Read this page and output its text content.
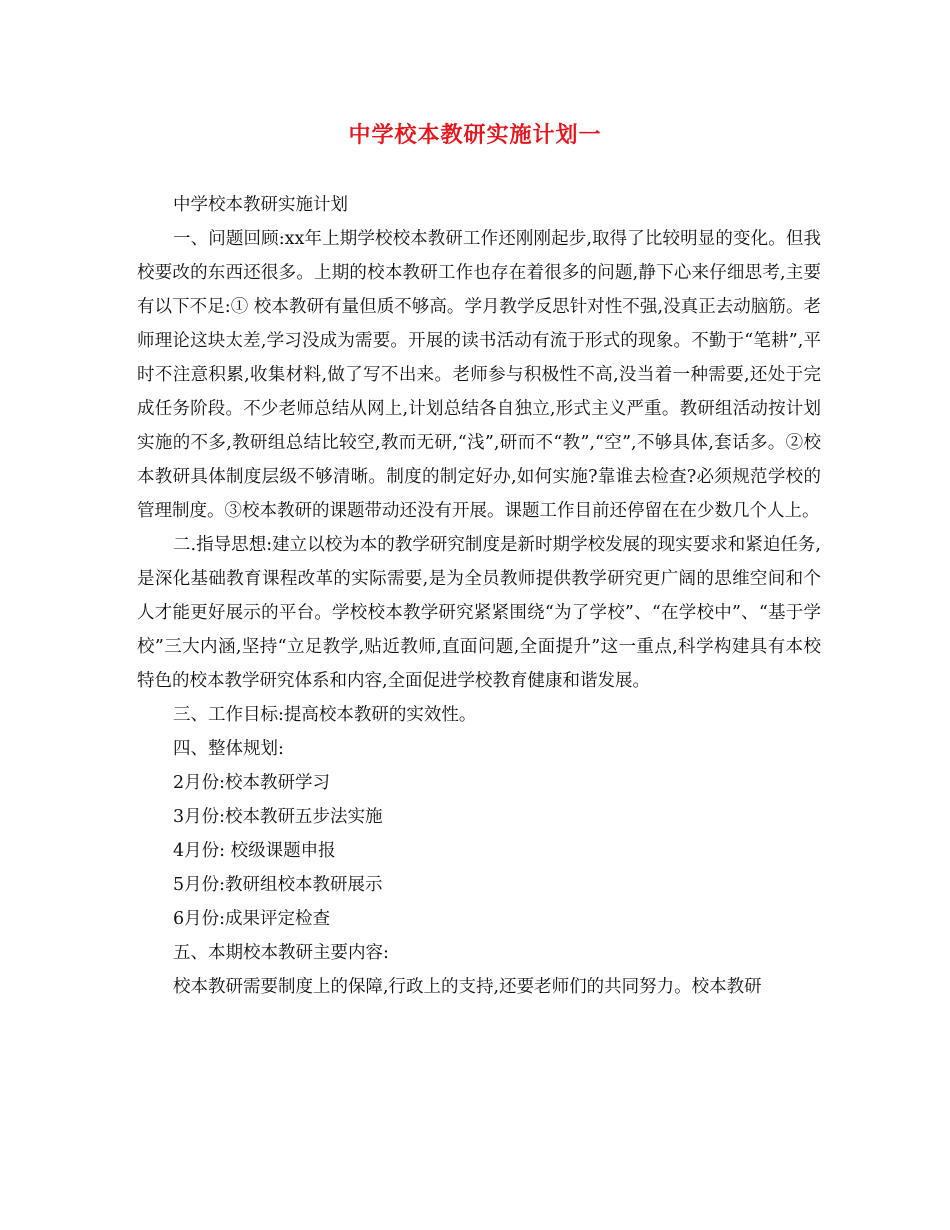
中学校本教研实施计划一

中学校本教研实施计划

一、问题回顾:xx年上期学校校本教研工作还刚刚起步,取得了比较明显的变化。但我校要改的东西还很多。上期的校本教研工作也存在着很多的问题,静下心来仔细思考,主要有以下不足:① 校本教研有量但质不够高。学月教学反思针对性不强,没真正去动脑筋。老师理论这块太差,学习没成为需要。开展的读书活动有流于形式的现象。不勤于“笔耕”,平时不注意积累,收集材料,做了写不出来。老师参与积极性不高,没当着一种需要,还处于完成任务阶段。不少老师总结从网上,计划总结各自独立,形式主义严重。教研组活动按计划实施的不多,教研组总结比较空,教而无研,“浅”,研而不“教”,“空”,不够具体,套话多。②校本教研具体制度层级不够清晰。制度的制定好办,如何实施?靠谁去检查?必须规范学校的管理制度。③校本教研的课题带动还没有开展。课题工作目前还停留在在少数几个人上。

二.指导思想:建立以校为本的教学研究制度是新时期学校发展的现实要求和紧迫任务,是深化基础教育课程改革的实际需要,是为全员教师提供教学研究更广阔的思维空间和个人才能更好展示的平台。学校校本教学研究紧紧围绕“为了学校”、“在学校中”、“基于学校”三大内涵,坚持“立足教学,贴近教师,直面问题,全面提升”这一重点,科学构建具有本校特色的校本教学研究体系和内容,全面促进学校教育健康和谐发展。

三、工作目标:提高校本教研的实效性。

四、整体规划:

2月份:校本教研学习

3月份:校本教研五步法实施

4月份: 校级课题申报

5月份:教研组校本教研展示

6月份:成果评定检查

五、本期校本教研主要内容:

校本教研需要制度上的保障,行政上的支持,还要老师们的共同努力。校本教研
